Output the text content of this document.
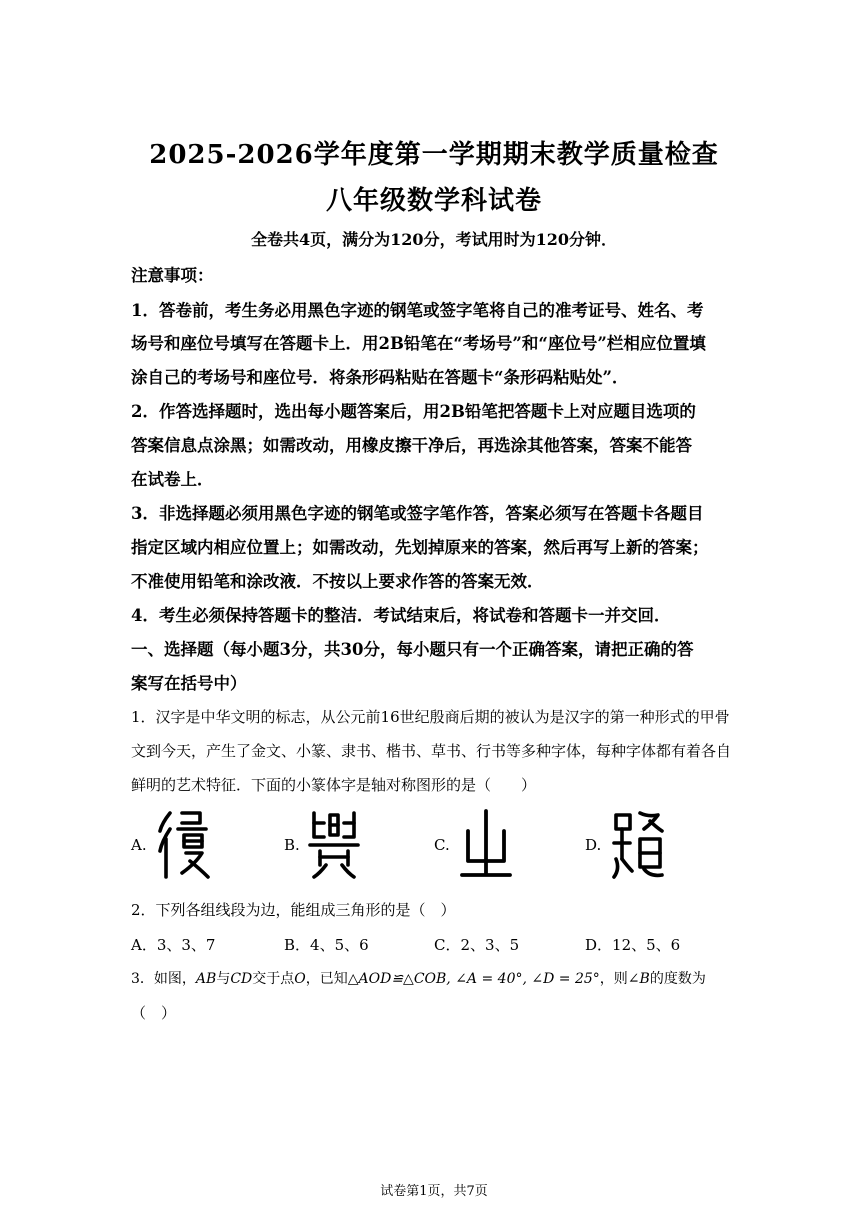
2025-2026学年度第一学期期末教学质量检查
八年级数学科试卷
全卷共4页，满分为120分，考试用时为120分钟．
注意事项：
1．答卷前，考生务必用黑色字迹的钢笔或签字笔将自己的准考证号、姓名、考
场号和座位号填写在答题卡上．用2B铅笔在“考场号”和“座位号”栏相应位置填
涂自己的考场号和座位号．将条形码粘贴在答题卡“条形码粘贴处”．
2．作答选择题时，选出每小题答案后，用2B铅笔把答题卡上对应题目选项的
答案信息点涂黑；如需改动，用橡皮擦干净后，再选涂其他答案，答案不能答
在试卷上．
3．非选择题必须用黑色字迹的钢笔或签字笔作答，答案必须写在答题卡各题目
指定区域内相应位置上；如需改动，先划掉原来的答案，然后再写上新的答案；
不准使用铅笔和涂改液．不按以上要求作答的答案无效．
4．考生必须保持答题卡的整洁．考试结束后，将试卷和答题卡一并交回．
一、选择题（每小题3分，共30分，每小题只有一个正确答案，请把正确的答
案写在括号中）
1．汉字是中华文明的标志，从公元前16世纪殷商后期的被认为是汉字的第一种形式的甲骨
文到今天，产生了金文、小篆、隶书、楷书、草书、行书等多种字体，每种字体都有着各自
鲜明的艺术特征．下面的小篆体字是轴对称图形的是（　　）
A.	B.	C.	D.
2．下列各组线段为边，能组成三角形的是（　）
A．3、3、7	B．4、5、6	C．2、3、5	D．12、5、6
3．如图，AB与CD交于点O，已知△AOD≌△COB, ∠A = 40°, ∠D = 25°，则∠B的度数为
（　）
试卷第1页，共7页
